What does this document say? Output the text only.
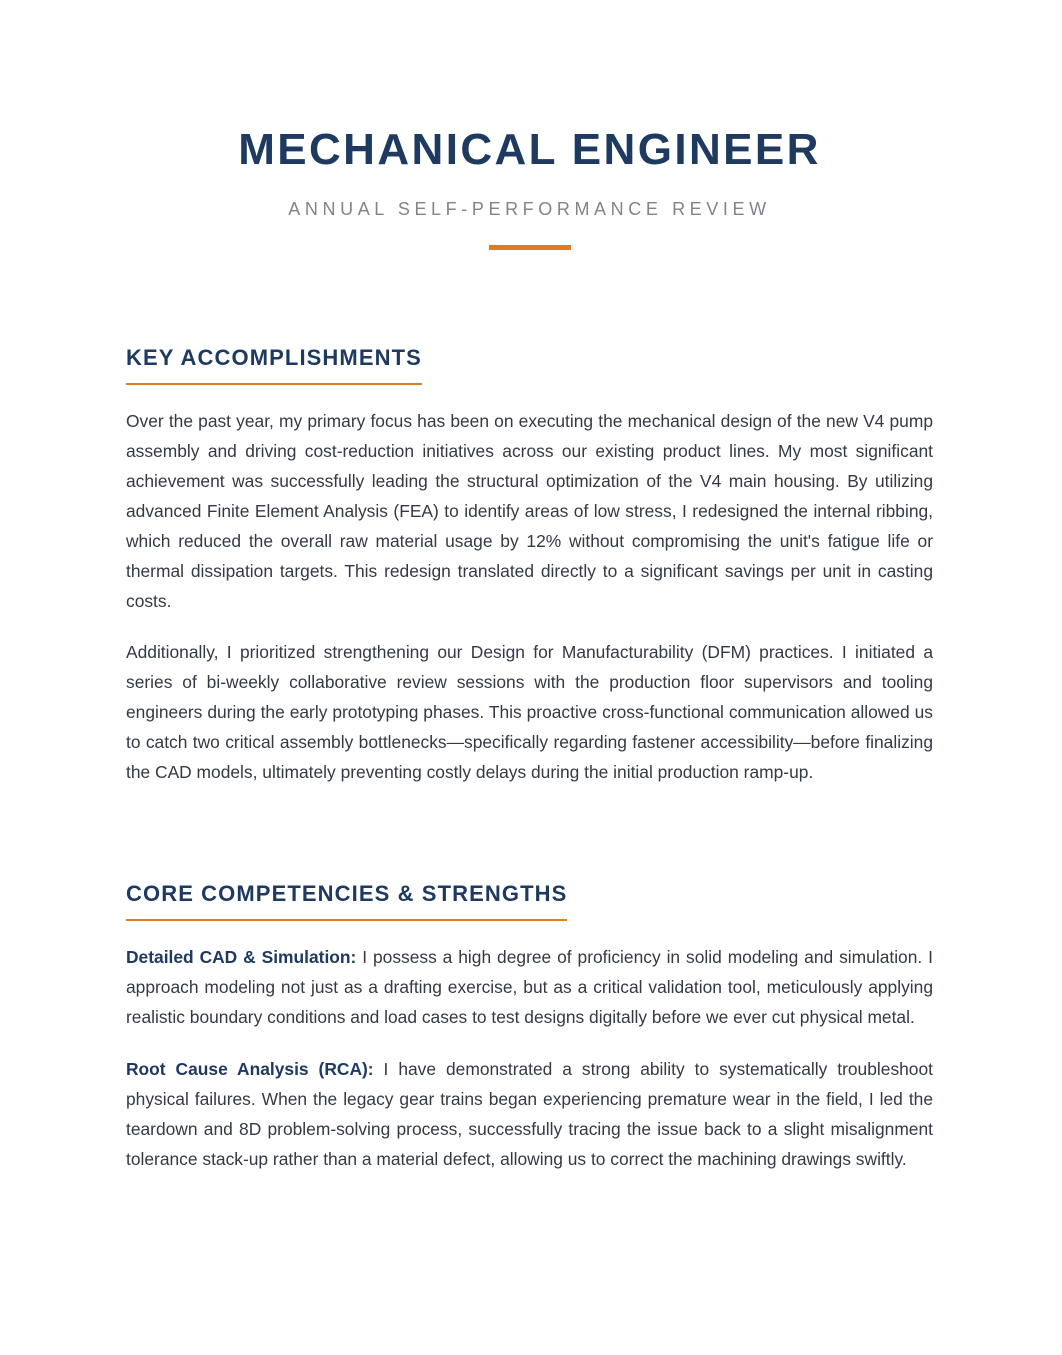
MECHANICAL ENGINEER
ANNUAL SELF-PERFORMANCE REVIEW
KEY ACCOMPLISHMENTS

Over the past year, my primary focus has been on executing the mechanical design of the new V4 pump assembly and driving cost-reduction initiatives across our existing product lines. My most significant achievement was successfully leading the structural optimization of the V4 main housing. By utilizing advanced Finite Element Analysis (FEA) to identify areas of low stress, I redesigned the internal ribbing, which reduced the overall raw material usage by 12% without compromising the unit's fatigue life or thermal dissipation targets. This redesign translated directly to a significant savings per unit in casting costs.

Additionally, I prioritized strengthening our Design for Manufacturability (DFM) practices. I initiated a series of bi-weekly collaborative review sessions with the production floor supervisors and tooling engineers during the early prototyping phases. This proactive cross-functional communication allowed us to catch two critical assembly bottlenecks—specifically regarding fastener accessibility—before finalizing the CAD models, ultimately preventing costly delays during the initial production ramp-up.

CORE COMPETENCIES & STRENGTHS

Detailed CAD & Simulation: I possess a high degree of proficiency in solid modeling and simulation. I approach modeling not just as a drafting exercise, but as a critical validation tool, meticulously applying realistic boundary conditions and load cases to test designs digitally before we ever cut physical metal.

Root Cause Analysis (RCA): I have demonstrated a strong ability to systematically troubleshoot physical failures. When the legacy gear trains began experiencing premature wear in the field, I led the teardown and 8D problem-solving process, successfully tracing the issue back to a slight misalignment tolerance stack-up rather than a material defect, allowing us to correct the machining drawings swiftly.
